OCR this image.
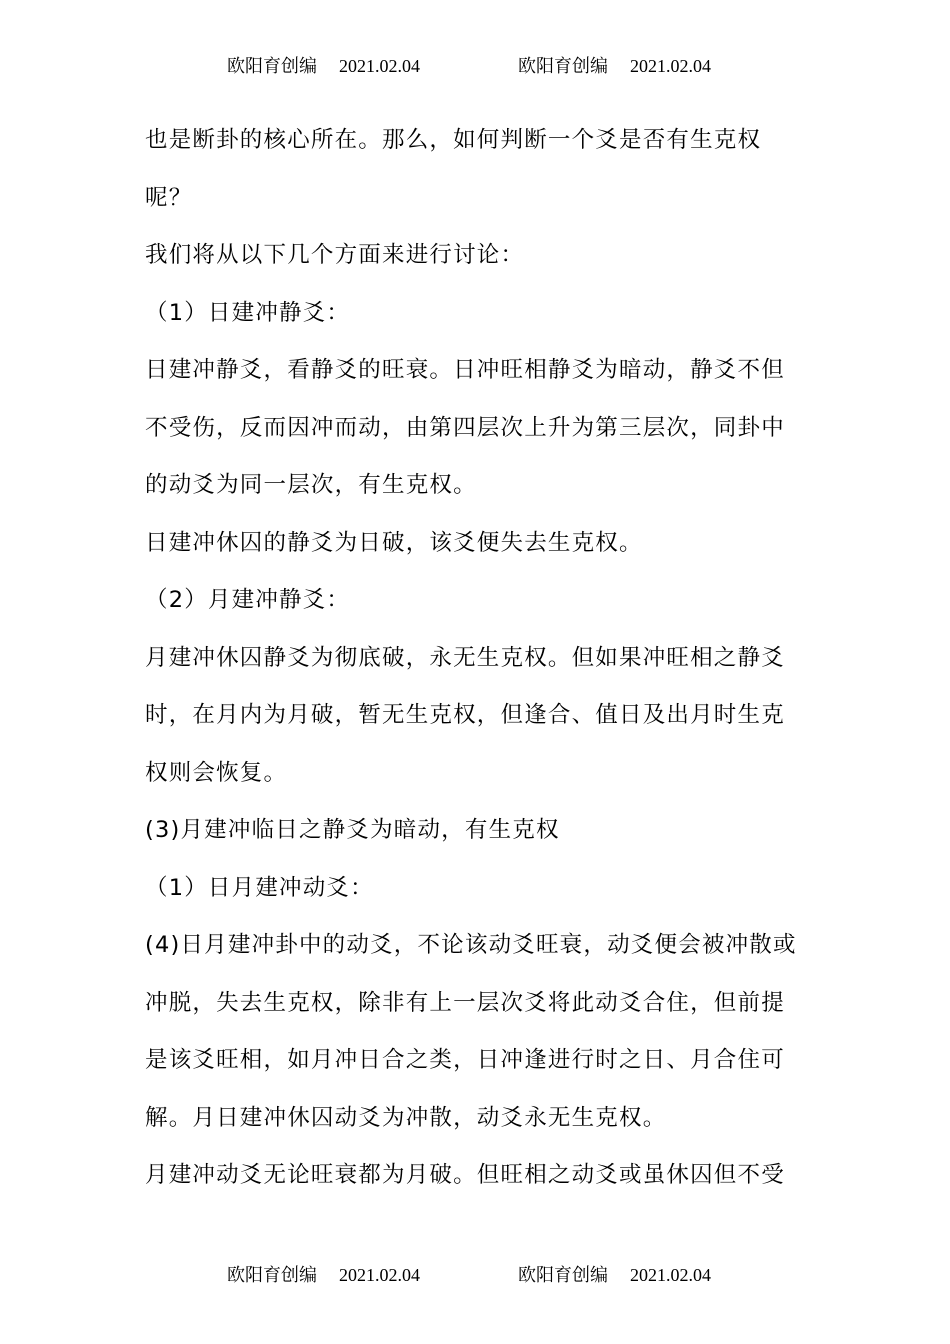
欧阳育创编 2021.02.04	欧阳育创编 2021.02.04
也是断卦的核心所在。那么，如何判断一个爻是否有生克权
呢？
我们将从以下几个方面来进行讨论：
（1）日建冲静爻：
日建冲静爻，看静爻的旺衰。日冲旺相静爻为暗动，静爻不但
不受伤，反而因冲而动，由第四层次上升为第三层次，同卦中
的动爻为同一层次，有生克权。
日建冲休囚的静爻为日破，该爻便失去生克权。
（2）月建冲静爻：
月建冲休囚静爻为彻底破，永无生克权。但如果冲旺相之静爻
时，在月内为月破，暂无生克权，但逢合、值日及出月时生克
权则会恢复。
(3)月建冲临日之静爻为暗动，有生克权
（1）日月建冲动爻：
(4)日月建冲卦中的动爻，不论该动爻旺衰，动爻便会被冲散或
冲脱，失去生克权，除非有上一层次爻将此动爻合住，但前提
是该爻旺相，如月冲日合之类，日冲逢进行时之日、月合住可
解。月日建冲休囚动爻为冲散，动爻永无生克权。
月建冲动爻无论旺衰都为月破。但旺相之动爻或虽休囚但不受
欧阳育创编 2021.02.04	欧阳育创编 2021.02.04
